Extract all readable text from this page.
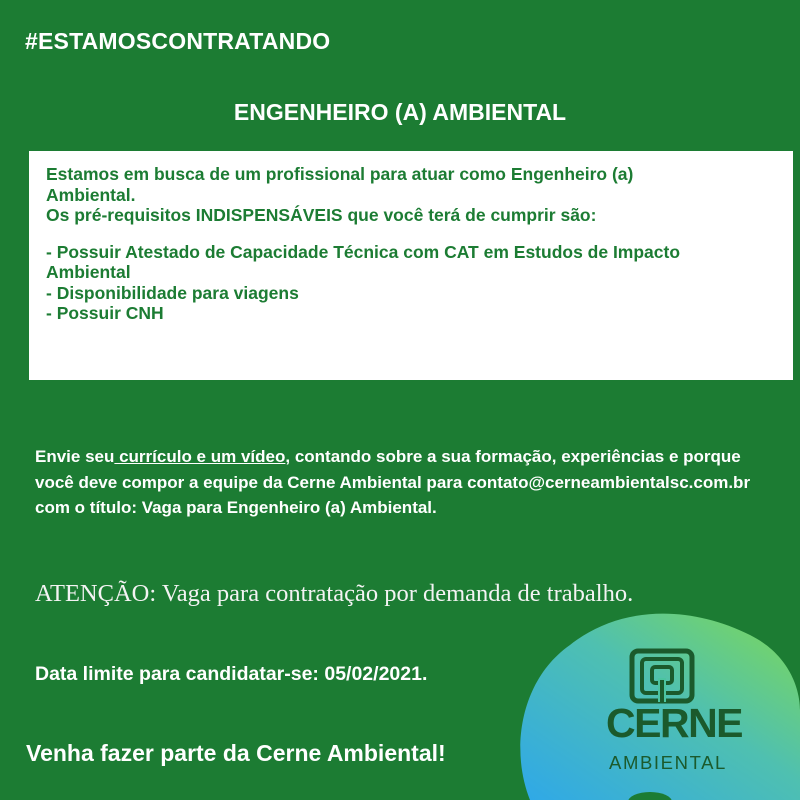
#ESTAMOSCONTRATANDO
ENGENHEIRO (A) AMBIENTAL

Estamos em busca de um profissional para atuar como Engenheiro (a)

Ambiental.

Os pré-requisitos INDISPENSÁVEIS que você terá de cumprir são:

- Possuir Atestado de Capacidade Técnica com CAT em Estudos de Impacto

Ambiental

- Disponibilidade para viagens

- Possuir CNH

Envie seu currículo e um vídeo, contando sobre a sua formação, experiências e porque você deve compor a equipe da Cerne Ambiental para contato@cerneambientalsc.com.br com o título: Vaga para Engenheiro (a) Ambiental.
ATENÇÃO: Vaga para contratação por demanda de trabalho.
Data limite para candidatar-se: 05/02/2021.
Venha fazer parte da Cerne Ambiental!
CERNE
AMBIENTAL
